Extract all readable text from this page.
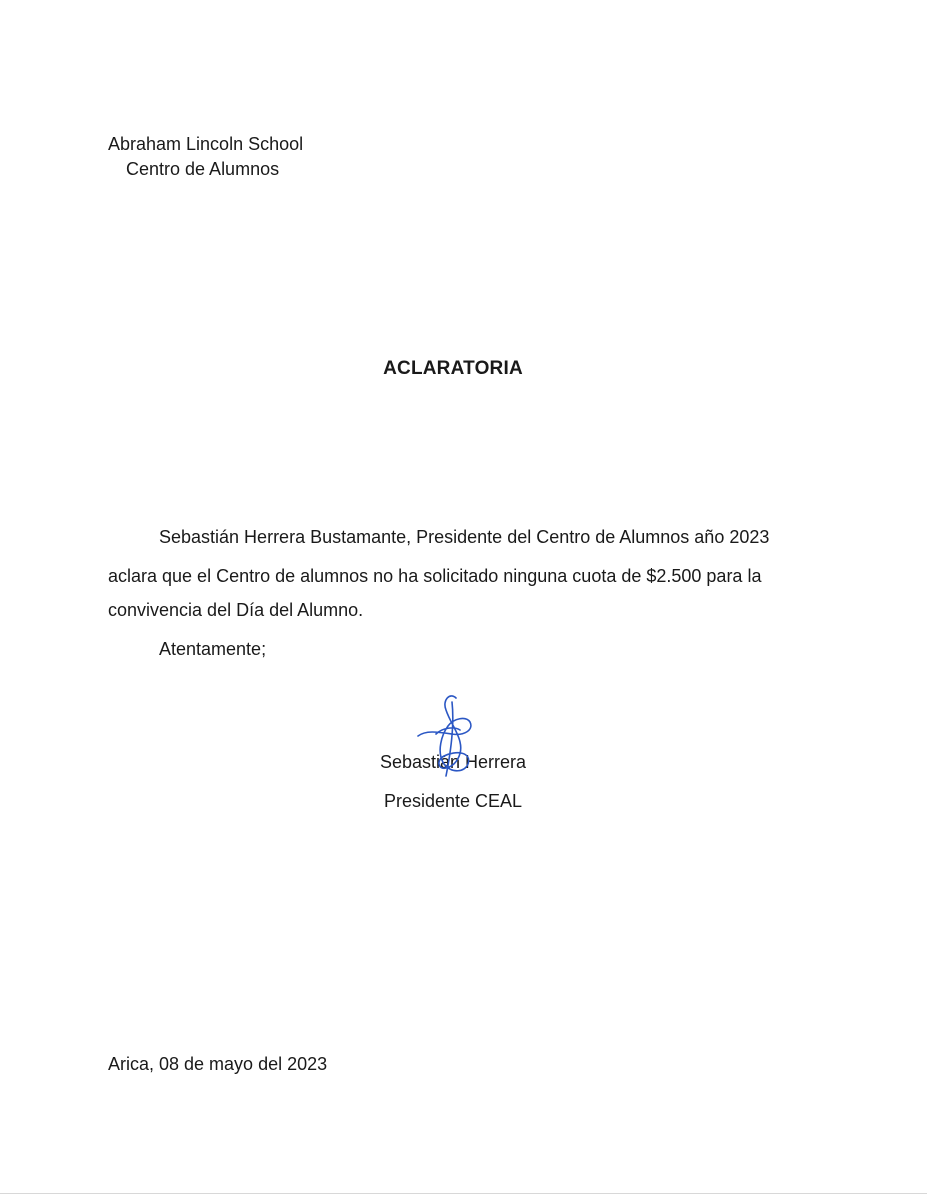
Abraham Lincoln School
Centro de Alumnos
ACLARATORIA
Sebastián Herrera Bustamante, Presidente del Centro de Alumnos año 2023
aclara que el Centro de alumnos no ha solicitado ninguna cuota de $2.500 para la
convivencia del Día del Alumno.
Atentamente;
Sebastián Herrera
Presidente CEAL
Arica, 08 de mayo del 2023
